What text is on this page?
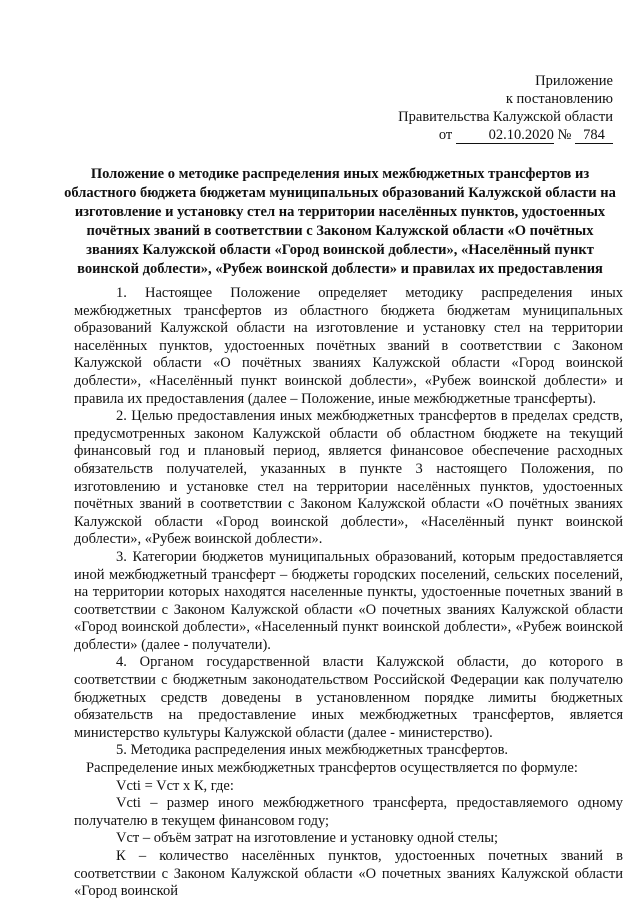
Приложение
к постановлению
Правительства Калужской области
от	02.10.2020 № 784
Положение о методике распределения иных межбюджетных трансфертов из областного бюджета бюджетам муниципальных образований Калужской области на изготовление и установку стел на территории населённых пунктов, удостоенных почётных званий в соответствии с Законом Калужской области «О почётных званиях Калужской области «Город воинской доблести», «Населённый пункт воинской доблести», «Рубеж воинской доблести» и правилах их предоставления

1. Настоящее Положение определяет методику распределения иных межбюджетных трансфертов из областного бюджета бюджетам муниципальных образований Калужской области на изготовление и установку стел на территории населённых пунктов, удостоенных почётных званий в соответствии с Законом Калужской области «О почётных званиях Калужской области «Город воинской доблести», «Населённый пункт воинской доблести», «Рубеж воинской доблести» и правила их предоставления (далее – Положение, иные межбюджетные трансферты).

2. Целью предоставления иных межбюджетных трансфертов в пределах средств, предусмотренных законом Калужской области об областном бюджете на текущий финансовый год и плановый период, является финансовое обеспечение расходных обязательств получателей, указанных в пункте 3 настоящего Положения, по изготовлению и установке стел на территории населённых пунктов, удостоенных почётных званий в соответствии с Законом Калужской области «О почётных званиях Калужской области «Город воинской доблести», «Населённый пункт воинской доблести», «Рубеж воинской доблести».

3. Категории бюджетов муниципальных образований, которым предоставляется иной межбюджетный трансферт – бюджеты городских поселений, сельских поселений, на территории которых находятся населенные пункты, удостоенные почетных званий в соответствии с Законом Калужской области «О почетных званиях Калужской области «Город воинской доблести», «Населенный пункт воинской доблести», «Рубеж воинской доблести» (далее - получатели).

4. Органом государственной власти Калужской области, до которого в соответствии с бюджетным законодательством Российской Федерации как получателю бюджетных средств доведены в установленном порядке лимиты бюджетных обязательств на предоставление иных межбюджетных трансфертов, является министерство культуры Калужской области (далее - министерство).

5. Методика распределения иных межбюджетных трансфертов.

Распределение иных межбюджетных трансфертов осуществляется по формуле:

Vcti = Vст х К, где:

Vcti – размер иного межбюджетного трансферта, предоставляемого одному получателю в текущем финансовом году;

Vст – объём затрат на изготовление и установку одной стелы;

К – количество населённых пунктов, удостоенных почетных званий в соответствии с Законом Калужской области «О почетных званиях Калужской области «Город воинской
